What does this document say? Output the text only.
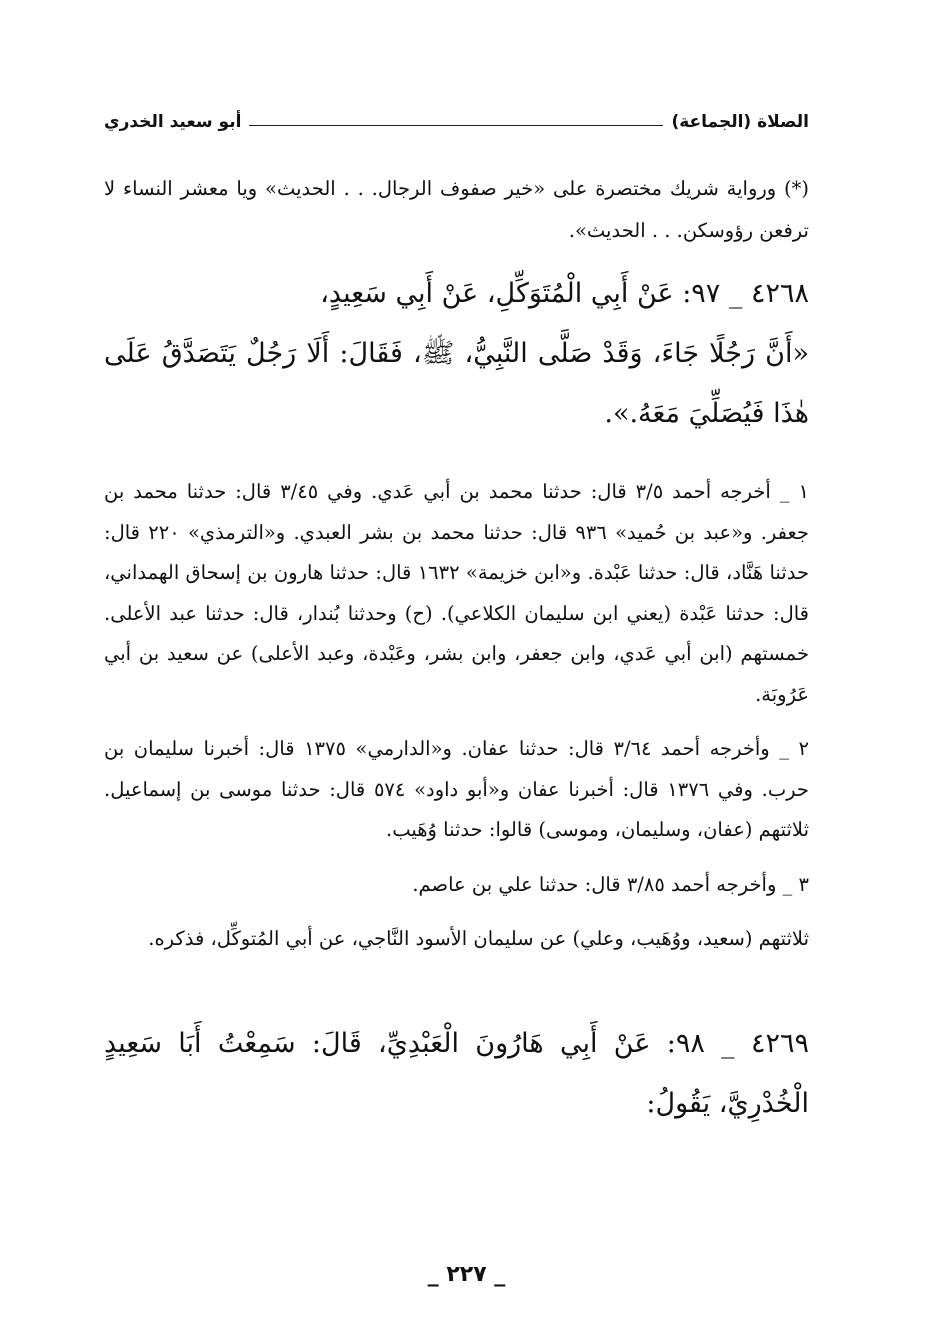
الصلاة (الجماعة)
أبو سعيد الخدري

(*) ورواية شريك مختصرة على «خير صفوف الرجال. . . الحديث» ويا معشر النساء لا ترفعن رؤوسكن. . . الحديث».

٤٢٦٨ _ ٩٧: عَنْ أَبِي الْمُتَوَكِّلِ، عَنْ أَبِي سَعِيدٍ،

«أَنَّ رَجُلًا جَاءَ، وَقَدْ صَلَّى النَّبِيُّ، ﷺ، فَقَالَ: أَلَا رَجُلٌ يَتَصَدَّقُ عَلَى هٰذَا فَيُصَلِّيَ مَعَهُ.».

١ _ أخرجه أحمد ٣/٥ قال: حدثنا محمد بن أبي عَدي. وفي ٣/٤٥ قال: حدثنا محمد بن جعفر. و«عبد بن حُميد» ٩٣٦ قال: حدثنا محمد بن بشر العبدي. و«الترمذي» ٢٢٠ قال: حدثنا هَنَّاد، قال: حدثنا عَبْدة. و«ابن خزيمة» ١٦٣٢ قال: حدثنا هارون بن إسحاق الهمداني، قال: حدثنا عَبْدة (يعني ابن سليمان الكلاعي). (ح) وحدثنا بُندار، قال: حدثنا عبد الأعلى. خمستهم (ابن أبي عَدي، وابن جعفر، وابن بشر، وعَبْدة، وعبد الأعلى) عن سعيد بن أبي عَرُوبَة.

٢ _ وأخرجه أحمد ٣/٦٤ قال: حدثنا عفان. و«الدارمي» ١٣٧٥ قال: أخبرنا سليمان بن حرب. وفي ١٣٧٦ قال: أخبرنا عفان و«أبو داود» ٥٧٤ قال: حدثنا موسى بن إسماعيل. ثلاثتهم (عفان، وسليمان، وموسى) قالوا: حدثنا وُهَيب.

٣ _ وأخرجه أحمد ٣/٨٥ قال: حدثنا علي بن عاصم.

ثلاثتهم (سعيد، ووُهَيب، وعلي) عن سليمان الأسود النَّاجي، عن أبي المُتوكِّل، فذكره.

٤٢٦٩ _ ٩٨: عَنْ أَبِي هَارُونَ الْعَبْدِيِّ، قَالَ: سَمِعْتُ أَبَا سَعِيدٍ الْخُدْرِيَّ، يَقُولُ:

_ ٢٢٧ _
